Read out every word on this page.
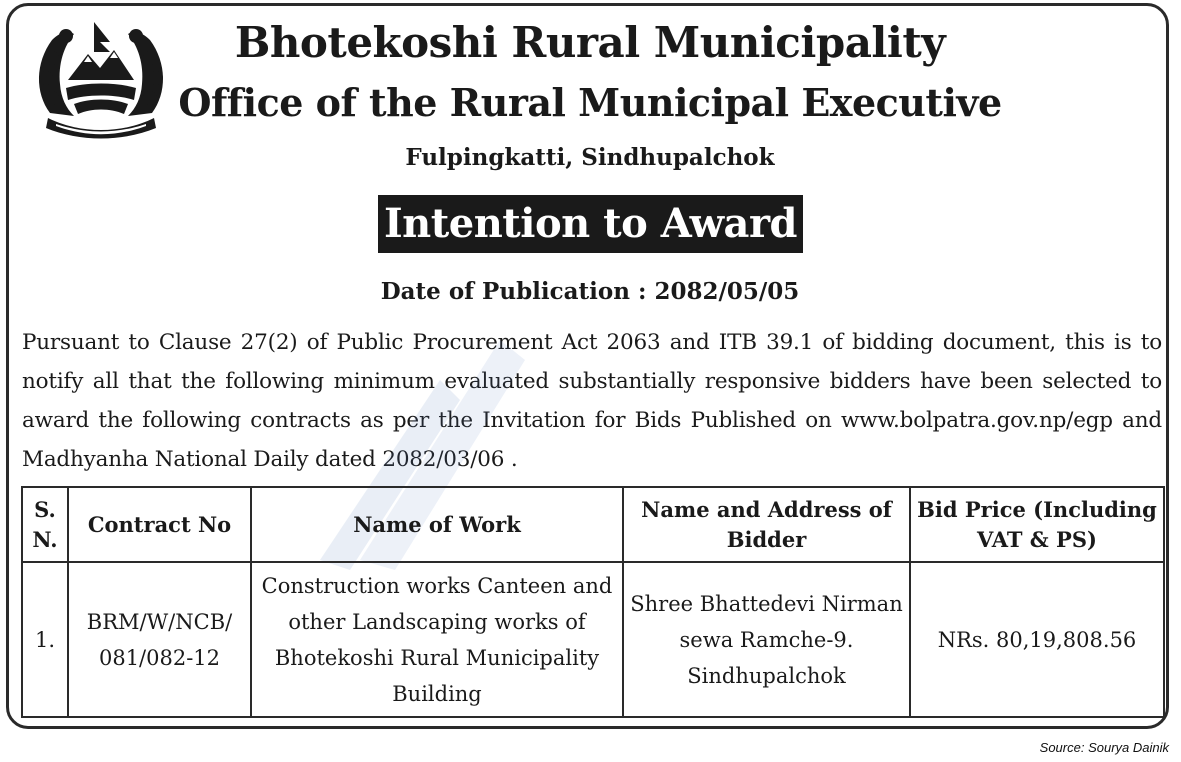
Bhotekoshi Rural Municipality
Office of the Rural Municipal Executive
Fulpingkatti, Sindhupalchok
Intention to Award
Date of Publication : 2082/05/05
Pursuant to Clause 27(2) of Public Procurement Act 2063 and ITB 39.1 of bidding document, this is to notify all that the following minimum evaluated substantially responsive bidders have been selected to award the following contracts as per the Invitation for Bids Published on www.bolpatra.gov.np/egp and Madhyanha National Daily dated 2082/03/06 .
S. N.	Contract No	Name of Work	Name and Address of Bidder	Bid Price (Including VAT & PS)
1.	BRM/W/NCB/ 081/082-12	Construction works Canteen and other Landscaping works of Bhotekoshi Rural Municipality Building	Shree Bhattedevi Nirman sewa Ramche-9. Sindhupalchok	NRs. 80,19,808.56
Source: Sourya Dainik
